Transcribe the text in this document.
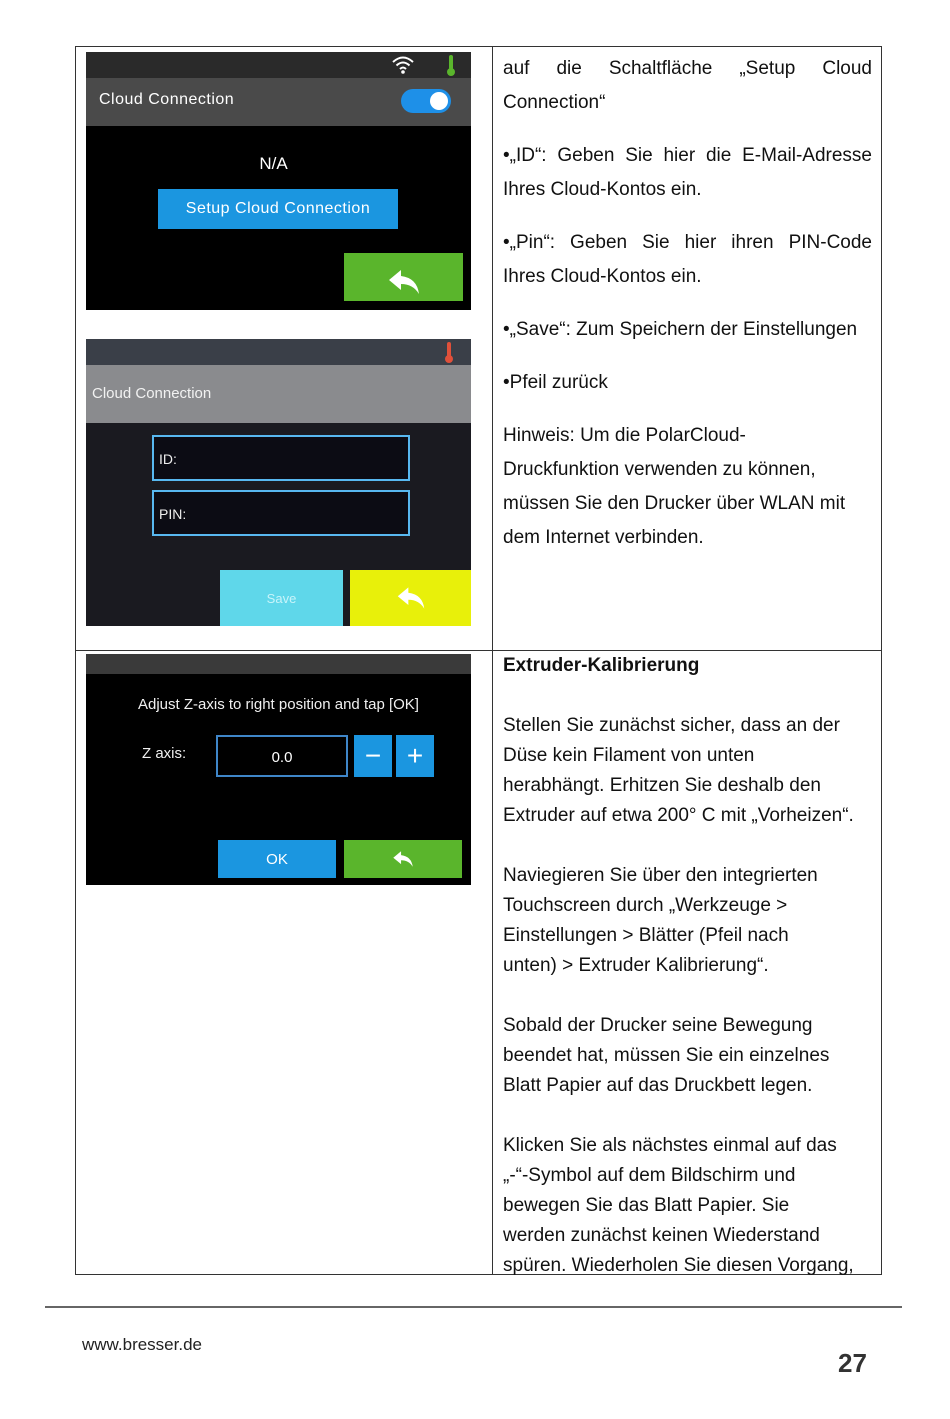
Cloud Connection
N/A
Setup Cloud Connection
Cloud Connection
ID:
PIN:
Save
Adjust Z-axis to right position and tap [OK]
Z axis:	0.0	− +
OK

auf die Schaltfläche „Setup Cloud

Connection“

•„ID“: Geben Sie hier die E-Mail-Adresse

Ihres Cloud-Kontos ein.

•„Pin“: Geben Sie hier ihren PIN-Code

Ihres Cloud-Kontos ein.

•„Save“: Zum Speichern der Einstellungen

•Pfeil zurück

Hinweis: Um die PolarCloud-

Druckfunktion verwenden zu können,

müssen Sie den Drucker über WLAN mit

dem Internet verbinden.

Extruder-Kalibrierung

Stellen Sie zunächst sicher, dass an der

Düse kein Filament von unten

herabhängt. Erhitzen Sie deshalb den

Extruder auf etwa 200° C mit „Vorheizen“.

Naviegieren Sie über den integrierten

Touchscreen durch „Werkzeuge >

Einstellungen > Blätter (Pfeil nach

unten) > Extruder Kalibrierung“.

Sobald der Drucker seine Bewegung

beendet hat, müssen Sie ein einzelnes

Blatt Papier auf das Druckbett legen.

Klicken Sie als nächstes einmal auf das

„-“-Symbol auf dem Bildschirm und

bewegen Sie das Blatt Papier. Sie

werden zunächst keinen Wiederstand

spüren. Wiederholen Sie diesen Vorgang,

www.bresser.de
27
